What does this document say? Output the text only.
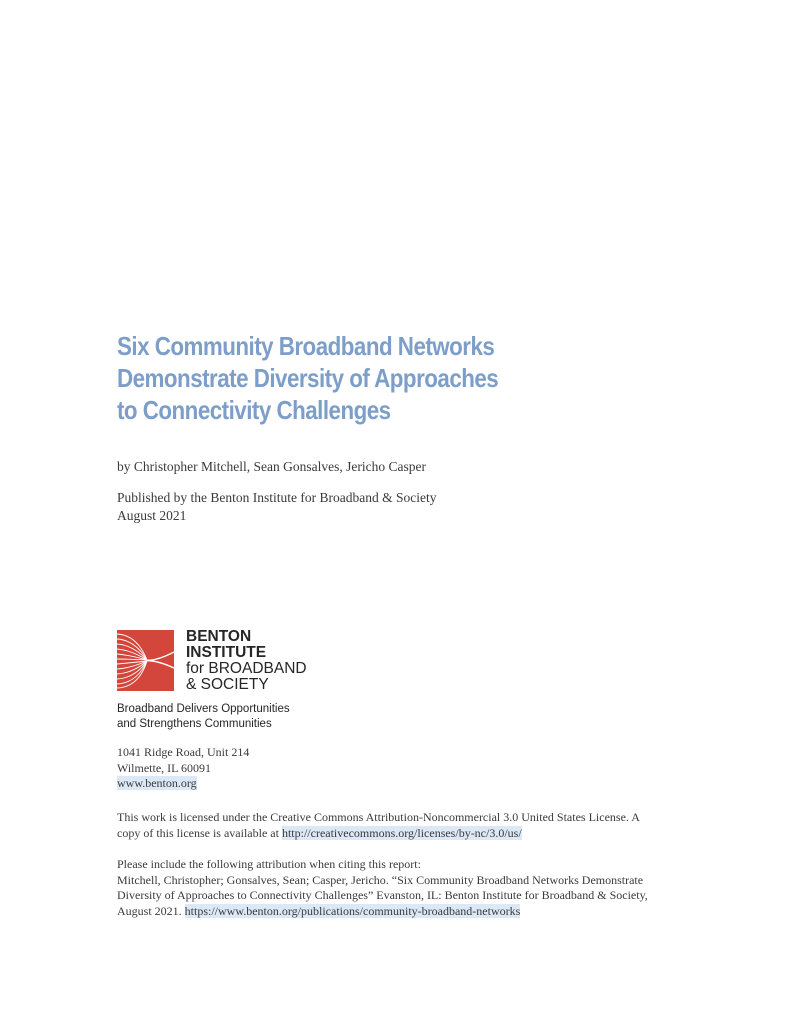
Six Community Broadband Networks
Demonstrate Diversity of Approaches
to Connectivity Challenges
by Christopher Mitchell, Sean Gonsalves, Jericho Casper
Published by the Benton Institute for Broadband & Society
August 2021
BENTON
INSTITUTE
for BROADBAND
& SOCIETY
Broadband Delivers Opportunities
and Strengthens Communities
1041 Ridge Road, Unit 214
Wilmette, IL 60091
www.benton.org
This work is licensed under the Creative Commons Attribution-Noncommercial 3.0 United States License. A
copy of this license is available at http://creativecommons.org/licenses/by-nc/3.0/us/
Please include the following attribution when citing this report:
Mitchell, Christopher; Gonsalves, Sean; Casper, Jericho. “Six Community Broadband Networks Demonstrate
Diversity of Approaches to Connectivity Challenges” Evanston, IL: Benton Institute for Broadband & Society,
August 2021. https://www.benton.org/publications/community-broadband-networks
